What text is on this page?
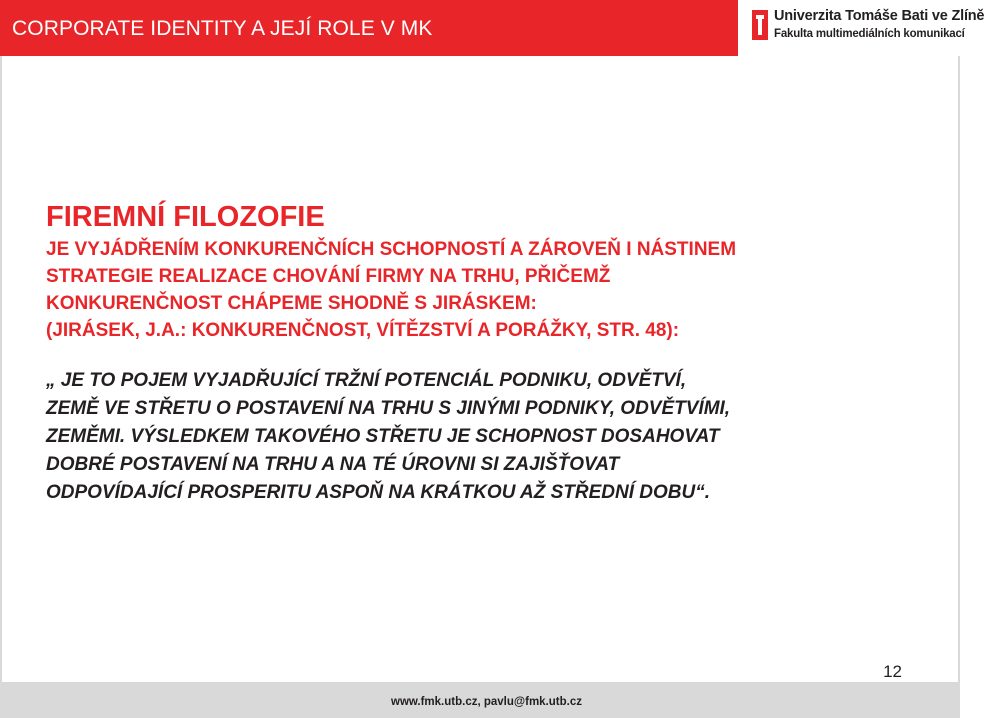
CORPORATE IDENTITY A JEJÍ ROLE V MK
Univerzita Tomáše Bati ve Zlíně
Fakulta multimediálních komunikací
FIREMNÍ FILOZOFIE
JE VYJÁDŘENÍM KONKURENČNÍCH SCHOPNOSTÍ A ZÁROVEŇ I NÁSTINEM
STRATEGIE REALIZACE CHOVÁNÍ FIRMY NA TRHU, PŘIČEMŽ
KONKURENČNOST CHÁPEME SHODNĚ S JIRÁSKEM:
(JIRÁSEK, J.A.: KONKURENČNOST, VÍTĚZSTVÍ A PORÁŽKY, STR. 48):
„ JE TO POJEM VYJADŘUJÍCÍ TRŽNÍ POTENCIÁL PODNIKU, ODVĚTVÍ,
ZEMĚ VE STŘETU O POSTAVENÍ NA TRHU S JINÝMI PODNIKY, ODVĚTVÍMI,
ZEMĚMI. VÝSLEDKEM TAKOVÉHO STŘETU JE SCHOPNOST DOSAHOVAT
DOBRÉ POSTAVENÍ NA TRHU A NA TÉ ÚROVNI SI ZAJIŠŤOVAT
ODPOVÍDAJÍCÍ PROSPERITU ASPOŇ NA KRÁTKOU AŽ STŘEDNÍ DOBU“.
12
www.fmk.utb.cz, pavlu@fmk.utb.cz
